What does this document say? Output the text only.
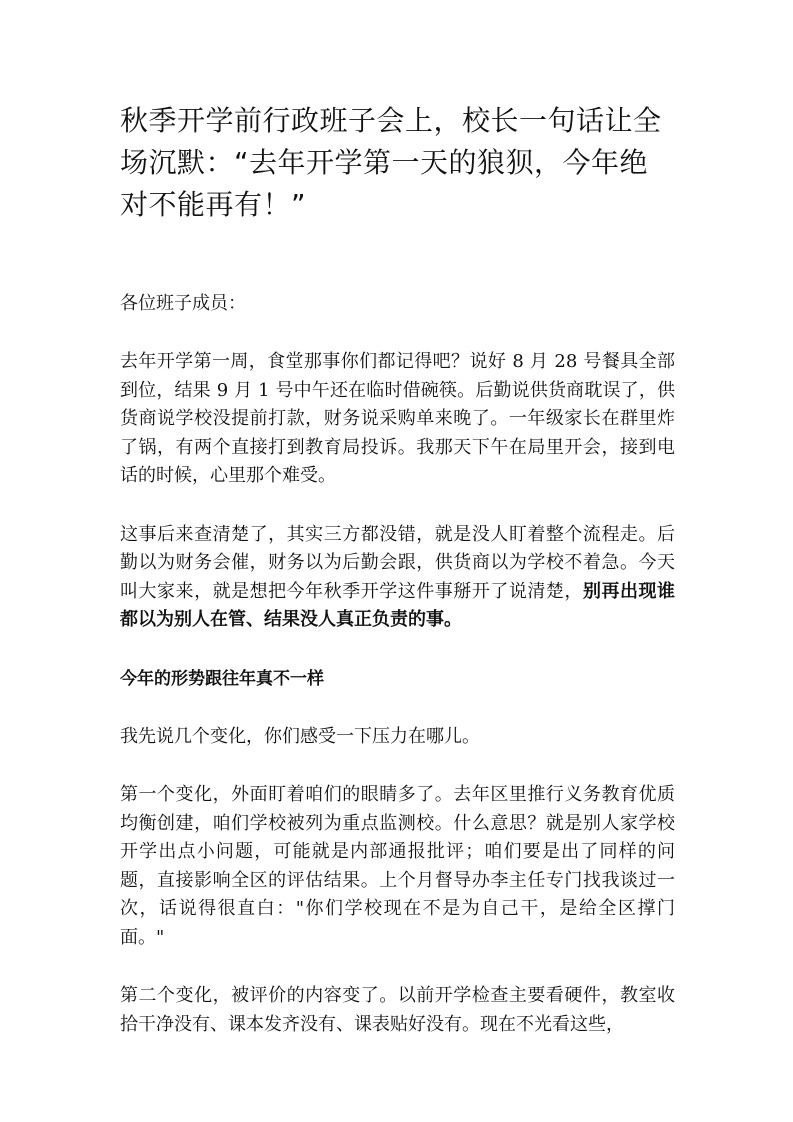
秋季开学前行政班子会上，校长一句话让全场沉默：“去年开学第一天的狼狈，今年绝对不能再有！”

各位班子成员：

去年开学第一周，食堂那事你们都记得吧？说好 8 月 28 号餐具全部到位，结果 9 月 1 号中午还在临时借碗筷。后勤说供货商耽误了，供货商说学校没提前打款，财务说采购单来晚了。一年级家长在群里炸了锅，有两个直接打到教育局投诉。我那天下午在局里开会，接到电话的时候，心里那个难受。

这事后来查清楚了，其实三方都没错，就是没人盯着整个流程走。后勤以为财务会催，财务以为后勤会跟，供货商以为学校不着急。今天叫大家来，就是想把今年秋季开学这件事掰开了说清楚，别再出现谁都以为别人在管、结果没人真正负责的事。

今年的形势跟往年真不一样

我先说几个变化，你们感受一下压力在哪儿。

第一个变化，外面盯着咱们的眼睛多了。去年区里推行义务教育优质均衡创建，咱们学校被列为重点监测校。什么意思？就是别人家学校开学出点小问题，可能就是内部通报批评；咱们要是出了同样的问题，直接影响全区的评估结果。上个月督导办李主任专门找我谈过一次，话说得很直白："你们学校现在不是为自己干，是给全区撑门面。"

第二个变化，被评价的内容变了。以前开学检查主要看硬件，教室收拾干净没有、课本发齐没有、课表贴好没有。现在不光看这些，
